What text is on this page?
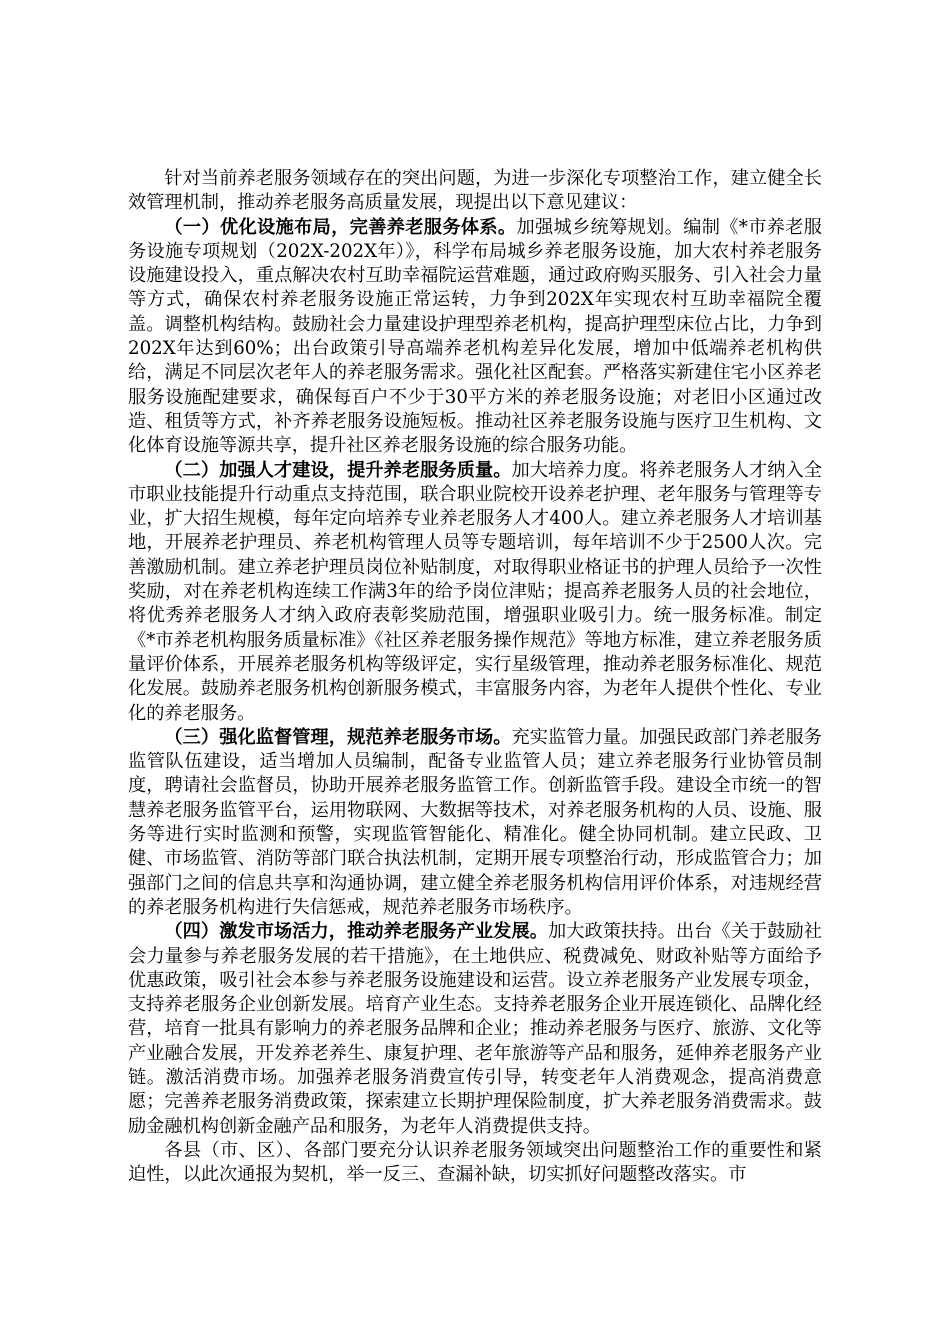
针对当前养老服务领域存在的突出问题，为进一步深化专项整治工作，建立健全长效管理机制，推动养老服务高质量发展，现提出以下意见建议：

（一）优化设施布局，完善养老服务体系。加强城乡统筹规划。编制《*市养老服务设施专项规划（202X-202X年）》，科学布局城乡养老服务设施，加大农村养老服务设施建设投入，重点解决农村互助幸福院运营难题，通过政府购买服务、引入社会力量等方式，确保农村养老服务设施正常运转，力争到202X年实现农村互助幸福院全覆盖。调整机构结构。鼓励社会力量建设护理型养老机构，提高护理型床位占比，力争到202X年达到60%；出台政策引导高端养老机构差异化发展，增加中低端养老机构供给，满足不同层次老年人的养老服务需求。强化社区配套。严格落实新建住宅小区养老服务设施配建要求，确保每百户不少于30平方米的养老服务设施；对老旧小区通过改造、租赁等方式，补齐养老服务设施短板。推动社区养老服务设施与医疗卫生机构、文化体育设施等源共享，提升社区养老服务设施的综合服务功能。

（二）加强人才建设，提升养老服务质量。加大培养力度。将养老服务人才纳入全市职业技能提升行动重点支持范围，联合职业院校开设养老护理、老年服务与管理等专业，扩大招生规模，每年定向培养专业养老服务人才400人。建立养老服务人才培训基地，开展养老护理员、养老机构管理人员等专题培训，每年培训不少于2500人次。完善激励机制。建立养老护理员岗位补贴制度，对取得职业格证书的护理人员给予一次性奖励，对在养老机构连续工作满3年的给予岗位津贴；提高养老服务人员的社会地位，将优秀养老服务人才纳入政府表彰奖励范围，增强职业吸引力。统一服务标准。制定《*市养老机构服务质量标准》《社区养老服务操作规范》等地方标准，建立养老服务质量评价体系，开展养老服务机构等级评定，实行星级管理，推动养老服务标准化、规范化发展。鼓励养老服务机构创新服务模式，丰富服务内容，为老年人提供个性化、专业化的养老服务。

（三）强化监督管理，规范养老服务市场。充实监管力量。加强民政部门养老服务监管队伍建设，适当增加人员编制，配备专业监管人员；建立养老服务行业协管员制度，聘请社会监督员，协助开展养老服务监管工作。创新监管手段。建设全市统一的智慧养老服务监管平台，运用物联网、大数据等技术，对养老服务机构的人员、设施、服务等进行实时监测和预警，实现监管智能化、精准化。健全协同机制。建立民政、卫健、市场监管、消防等部门联合执法机制，定期开展专项整治行动，形成监管合力；加强部门之间的信息共享和沟通协调，建立健全养老服务机构信用评价体系，对违规经营的养老服务机构进行失信惩戒，规范养老服务市场秩序。

（四）激发市场活力，推动养老服务产业发展。加大政策扶持。出台《关于鼓励社会力量参与养老服务发展的若干措施》，在土地供应、税费减免、财政补贴等方面给予优惠政策，吸引社会本参与养老服务设施建设和运营。设立养老服务产业发展专项金，支持养老服务企业创新发展。培育产业生态。支持养老服务企业开展连锁化、品牌化经营，培育一批具有影响力的养老服务品牌和企业；推动养老服务与医疗、旅游、文化等产业融合发展，开发养老养生、康复护理、老年旅游等产品和服务，延伸养老服务产业链。激活消费市场。加强养老服务消费宣传引导，转变老年人消费观念，提高消费意愿；完善养老服务消费政策，探索建立长期护理保险制度，扩大养老服务消费需求。鼓励金融机构创新金融产品和服务，为老年人消费提供支持。

各县（市、区）、各部门要充分认识养老服务领域突出问题整治工作的重要性和紧迫性，以此次通报为契机，举一反三、查漏补缺，切实抓好问题整改落实。市
